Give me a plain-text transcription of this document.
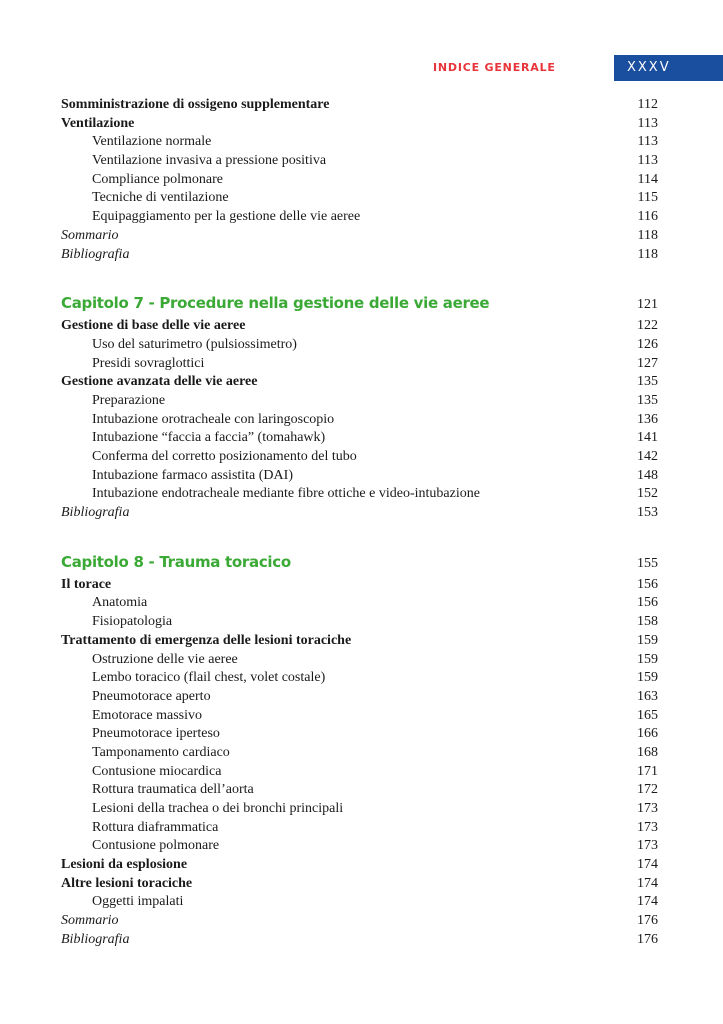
INDICE GENERALE	XXXV
Somministrazione di ossigeno supplementare	112
Ventilazione	113
Ventilazione normale	113
Ventilazione invasiva a pressione positiva	113
Compliance polmonare	114
Tecniche di ventilazione	115
Equipaggiamento per la gestione delle vie aeree	116
Sommario	118
Bibliografia	118
Capitolo 7 - Procedure nella gestione delle vie aeree	121
Gestione di base delle vie aeree	122
Uso del saturimetro (pulsiossimetro)	126
Presidi sovraglottici	127
Gestione avanzata delle vie aeree	135
Preparazione	135
Intubazione orotracheale con laringoscopio	136
Intubazione “faccia a faccia” (tomahawk)	141
Conferma del corretto posizionamento del tubo	142
Intubazione farmaco assistita (DAI)	148
Intubazione endotracheale mediante fibre ottiche e video-intubazione	152
Bibliografia	153
Capitolo 8 - Trauma toracico	155
Il torace	156
Anatomia	156
Fisiopatologia	158
Trattamento di emergenza delle lesioni toraciche	159
Ostruzione delle vie aeree	159
Lembo toracico (flail chest, volet costale)	159
Pneumotorace aperto	163
Emotorace massivo	165
Pneumotorace iperteso	166
Tamponamento cardiaco	168
Contusione miocardica	171
Rottura traumatica dell’aorta	172
Lesioni della trachea o dei bronchi principali	173
Rottura diaframmatica	173
Contusione polmonare	173
Lesioni da esplosione	174
Altre lesioni toraciche	174
Oggetti impalati	174
Sommario	176
Bibliografia	176
